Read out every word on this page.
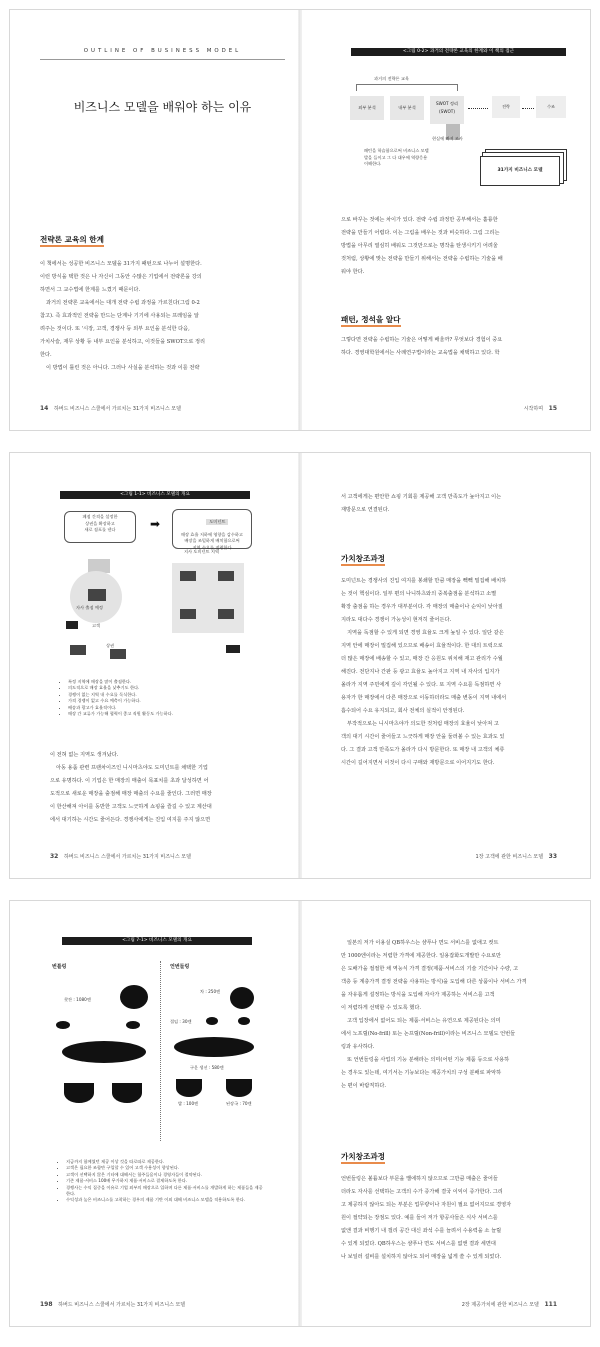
OUTLINE OF BUSINESS MODEL
비즈니스 모델을 배워야 하는 이유
전략론 교육의 한계

이 책에서는 성공한 비즈니스 모델을 31가지 패턴으로 나누어 설명한다.

이런 방식을 택한 것은 나 자신이 그동안 수많은 기업에서 전략론을 강의

하면서 그 교수법에 한계를 느꼈기 때문이다.

과거의 전략론 교육에서는 대개 전략 수립 과정을 가르친다(그림 0-2

참고). 즉 효과적인 전략을 만드는 단계나 기기에 사용되는 프레임을 알

려주는 것이다. 또 '시장, 고객, 경쟁사 등 외부 요인을 분석한 다음,

가치사슬, 재무 상황 등 내부 요인을 분석하고, 이것들을 SWOT으로 정리

한다.

이 방법이 틀린 것은 아니다. 그러나 사실을 분석하는 것과 이를 전략

14 하버드 비즈니스 스쿨에서 가르치는 31가지 비즈니스 모델
<그림 0-2> 과거의 전략론 교육의 한계와 이 책의 접근
과거의 전략론 교육
외부 분석	내부 분석
SWOT 정리
(SWOT)
전략	수조
현실에 빠져 조사
패턴을 학습함으로써 비즈니스 모델
발을 들이고 그 다 대우에 역량응용
이해한다.
31가지 비즈니스 모델

으로 바꾸는 것에는 차이가 있다. 전략 수립 과정만 공부해서는 훌륭한

전략을 만들기 어렵다. 이는 그림을 배우는 것과 비슷하다. 그림 그리는

방법을 아무리 열심히 배워도 그것만으로는 명작을 탄생시키기 어려울

것처럼, 상황에 맞는 전략을 만들기 위해서는 전략을 수립하는 기술을 배

워야 한다.

패턴, 정석을 알다

그렇다면 전략을 수립하는 기술은 어떻게 배울까? 무엇보다 경험이 중요

하다. 경영대학원에서는 사례연구법이라는 교육법을 채택하고 있다. 학

시작하며 15
<그림 1-1> 비즈니스 모델의 개요
폐점 간격을 설정한
상권을 확장하고
새로 점포를 낸다	➡	도미넌트

매장 효율 저하에 영향을 감수하고
배장을 조밀하게 배치함으로써
지역 수요를 점령한다

자사 출점 예정
고객
상권
지사 도미넌트 지역
• 특정 지역에 매장을 많이 출점한다.
• 의도적으로 매장 효율을 낮추기도 한다.
• 경쟁이 없는 지역 내 수요를 독식한다.
• 가격 경쟁이 없고 수요 예측이 가능하다.
• 배송과 광고가 효율적이다.
• 매장 간 교류가 가능해 협력이 좋고 직원 활동도 가능하다.

이 전혀 없는 지역도 생겨났다.

아동 용품 관련 프랜차이즈인 니시마츠야도 도미넌트를 채택한 기업

으로 유명하다. 이 기업은 한 매장의 매출이 목표치를 초과 달성하면 어

도적으로 새로운 매장을 출점해 매장 매출의 수요를 줄인다. 그러면 매장

이 한산해져 아이를 동반한 고객도 느긋하게 쇼핑을 즐길 수 있고 계산대

에서 대기하는 시간도 줄어든다. 경쟁사에게는 진입 여지를 주지 않으면

32 하버드 비즈니스 스쿨에서 가르치는 31가지 비즈니스 모델

서 고객에게는 편안한 쇼핑 기회를 제공해 고객 만족도가 높아지고 이는

재방문으로 연결된다.

가치창조과정

도미넌트는 경쟁사의 진입 여지를 봉쇄할 만큼 매장을 빽빽 밀집해 배치하

는 것이 핵심이다. 일부 편의 나니하츠와의 중복출점을 분석하고 소멸

확장 출점을 하는 경우가 대부분이다. 각 매장의 매출이나 순익이 낮아질

지라도 대다수 경쟁이 가능성이 현저히 줄어든다.

지역을 독점할 수 있게 되면 경영 효율도 크게 높일 수 있다. 일단 같은

지역 안에 매장이 밀집해 있으므로 배송이 효율적이다. 한 대의 트럭으로

더 많은 매장에 배송할 수 있고, 매장 간 응원도 위치해 재고 관리가 수월

해진다. 전단지나 간판 등 광고 효율도 높아지고 지역 내 자사의 입지가

올라가 지역 주민에게 깊이 각인될 수 있다. 또 지역 수요를 독점하면 사

용자가 한 매장에서 다른 매장으로 이동하더라도 매출 변동이 지역 내에서

흡수되어 수요 유지되고, 회사 전체의 실적이 안정된다.

부작적으로는 니시마츠야가 의도한 것처럼 매장의 효율이 낮아져 고

객의 대기 시간이 줄어들고 느긋하게 매장 안을 둘러볼 수 있는 효과도 있

다. 그 결과 고객 만족도가 올라가 다시 방문한다. 또 매장 내 고객의 체류

시간이 길어지면서 이것이 다시 구매와 재방문으로 이어지기도 한다.

1장 고객에 관한 비즈니스 모델 33
<그림 7-1> 비즈니스 모델의 개요
번틀링	언번들링
찻잔 : 1080엔
차 : 250엔
절임 : 30엔
구운 생선 : 580엔
밥 : 100엔	된장국 : 70엔
• 지금까지 함께였던 제공 이상 것을 따로따로 제공한다.
• 고객은 필요한 조합만 구입할 수 있어 고객 수용성이 향상된다.
• 고객이 선택하지 않은 기타에 대해서는 합주들음이나 경영자들이 절약된다.
• 기존 제품·서비스 100배 무가하지 제품·서비스로 결제하도록 한다.
• 경쟁사는 수익 집중을 이유로 기업 외부의 매장으로 입하며 다른 제품·서비스를 개발하게 하는 제품들을 제공한다.
• 수익성과 높은 비즈니스를 고착하는 경우의 제품 기반 이외 대해 비즈니스 모델을 적용하도록 한다.
198 하버드 비즈니스 스쿨에서 가르치는 31가지 비즈니스 모델

일본의 저가 이용실 QB하우스는 샴푸나 면도 서비스를 없애고 컷트

만 1000엔이라는 저렴한 가격에 제공한다. 일용잡화도개발만 수요로만

은 도배가을 절절한 채 역능식 가격 결정(제품·서비스의 기술 기간이나 수량, 고

객층 등 계층가격 결정 전략을 사용하는 방식)을 도입해 다른 상품이나 서비스 가격

을 자유롭게 설정하는 방식을 도입해 자사가 제공하는 서비스를 고객

이 저렴하게 선택할 수 있도록 했다.

고객 입장에서 없어도 되는 제품·서비스는 유연으로 제공된다는 의미

에서 노프릴(No-frill) 또는 논프릴(Non-frill)이라는 비즈니스 모델도 언번들

링과 유사하다.

또 언번들링을 사업의 기능 분해라는 의미(어떤 기능 제품 등으로 사용하

는 경우도 있는데, 여기서는 기능보다는 제공가치의 구성 분배로 파악하

는 편이 바람직하다.

가치창조과정

언번들링은 볼륨보다 부문을 밸에하지 않으므로 그만큼 매출은 줄어들

더라도 자사를 선택하는 고객의 수가 증가해 결국 이익이 증가한다. 그리

고 제공하지 않아도 되는 부분은 업무량이나 자원이 필요 없어지므로 경영자

원이 절약되는 장점도 있다. 예를 들어 저가 항공사들은 식사 서비스를

없앤 결과 비행기 내 갤리 공간 대신 좌석 수를 늘려서 수용력을 소 늘릴

수 있게 되었다. QB하우스는 샴푸나 면도 서비스를 없앤 결과 세면대

나 보일러 설비를 설치하지 않아도 되어 매장을 넓게 쓸 수 있게 되었다.

2장 제공가치에 관한 비즈니스 모델 111
